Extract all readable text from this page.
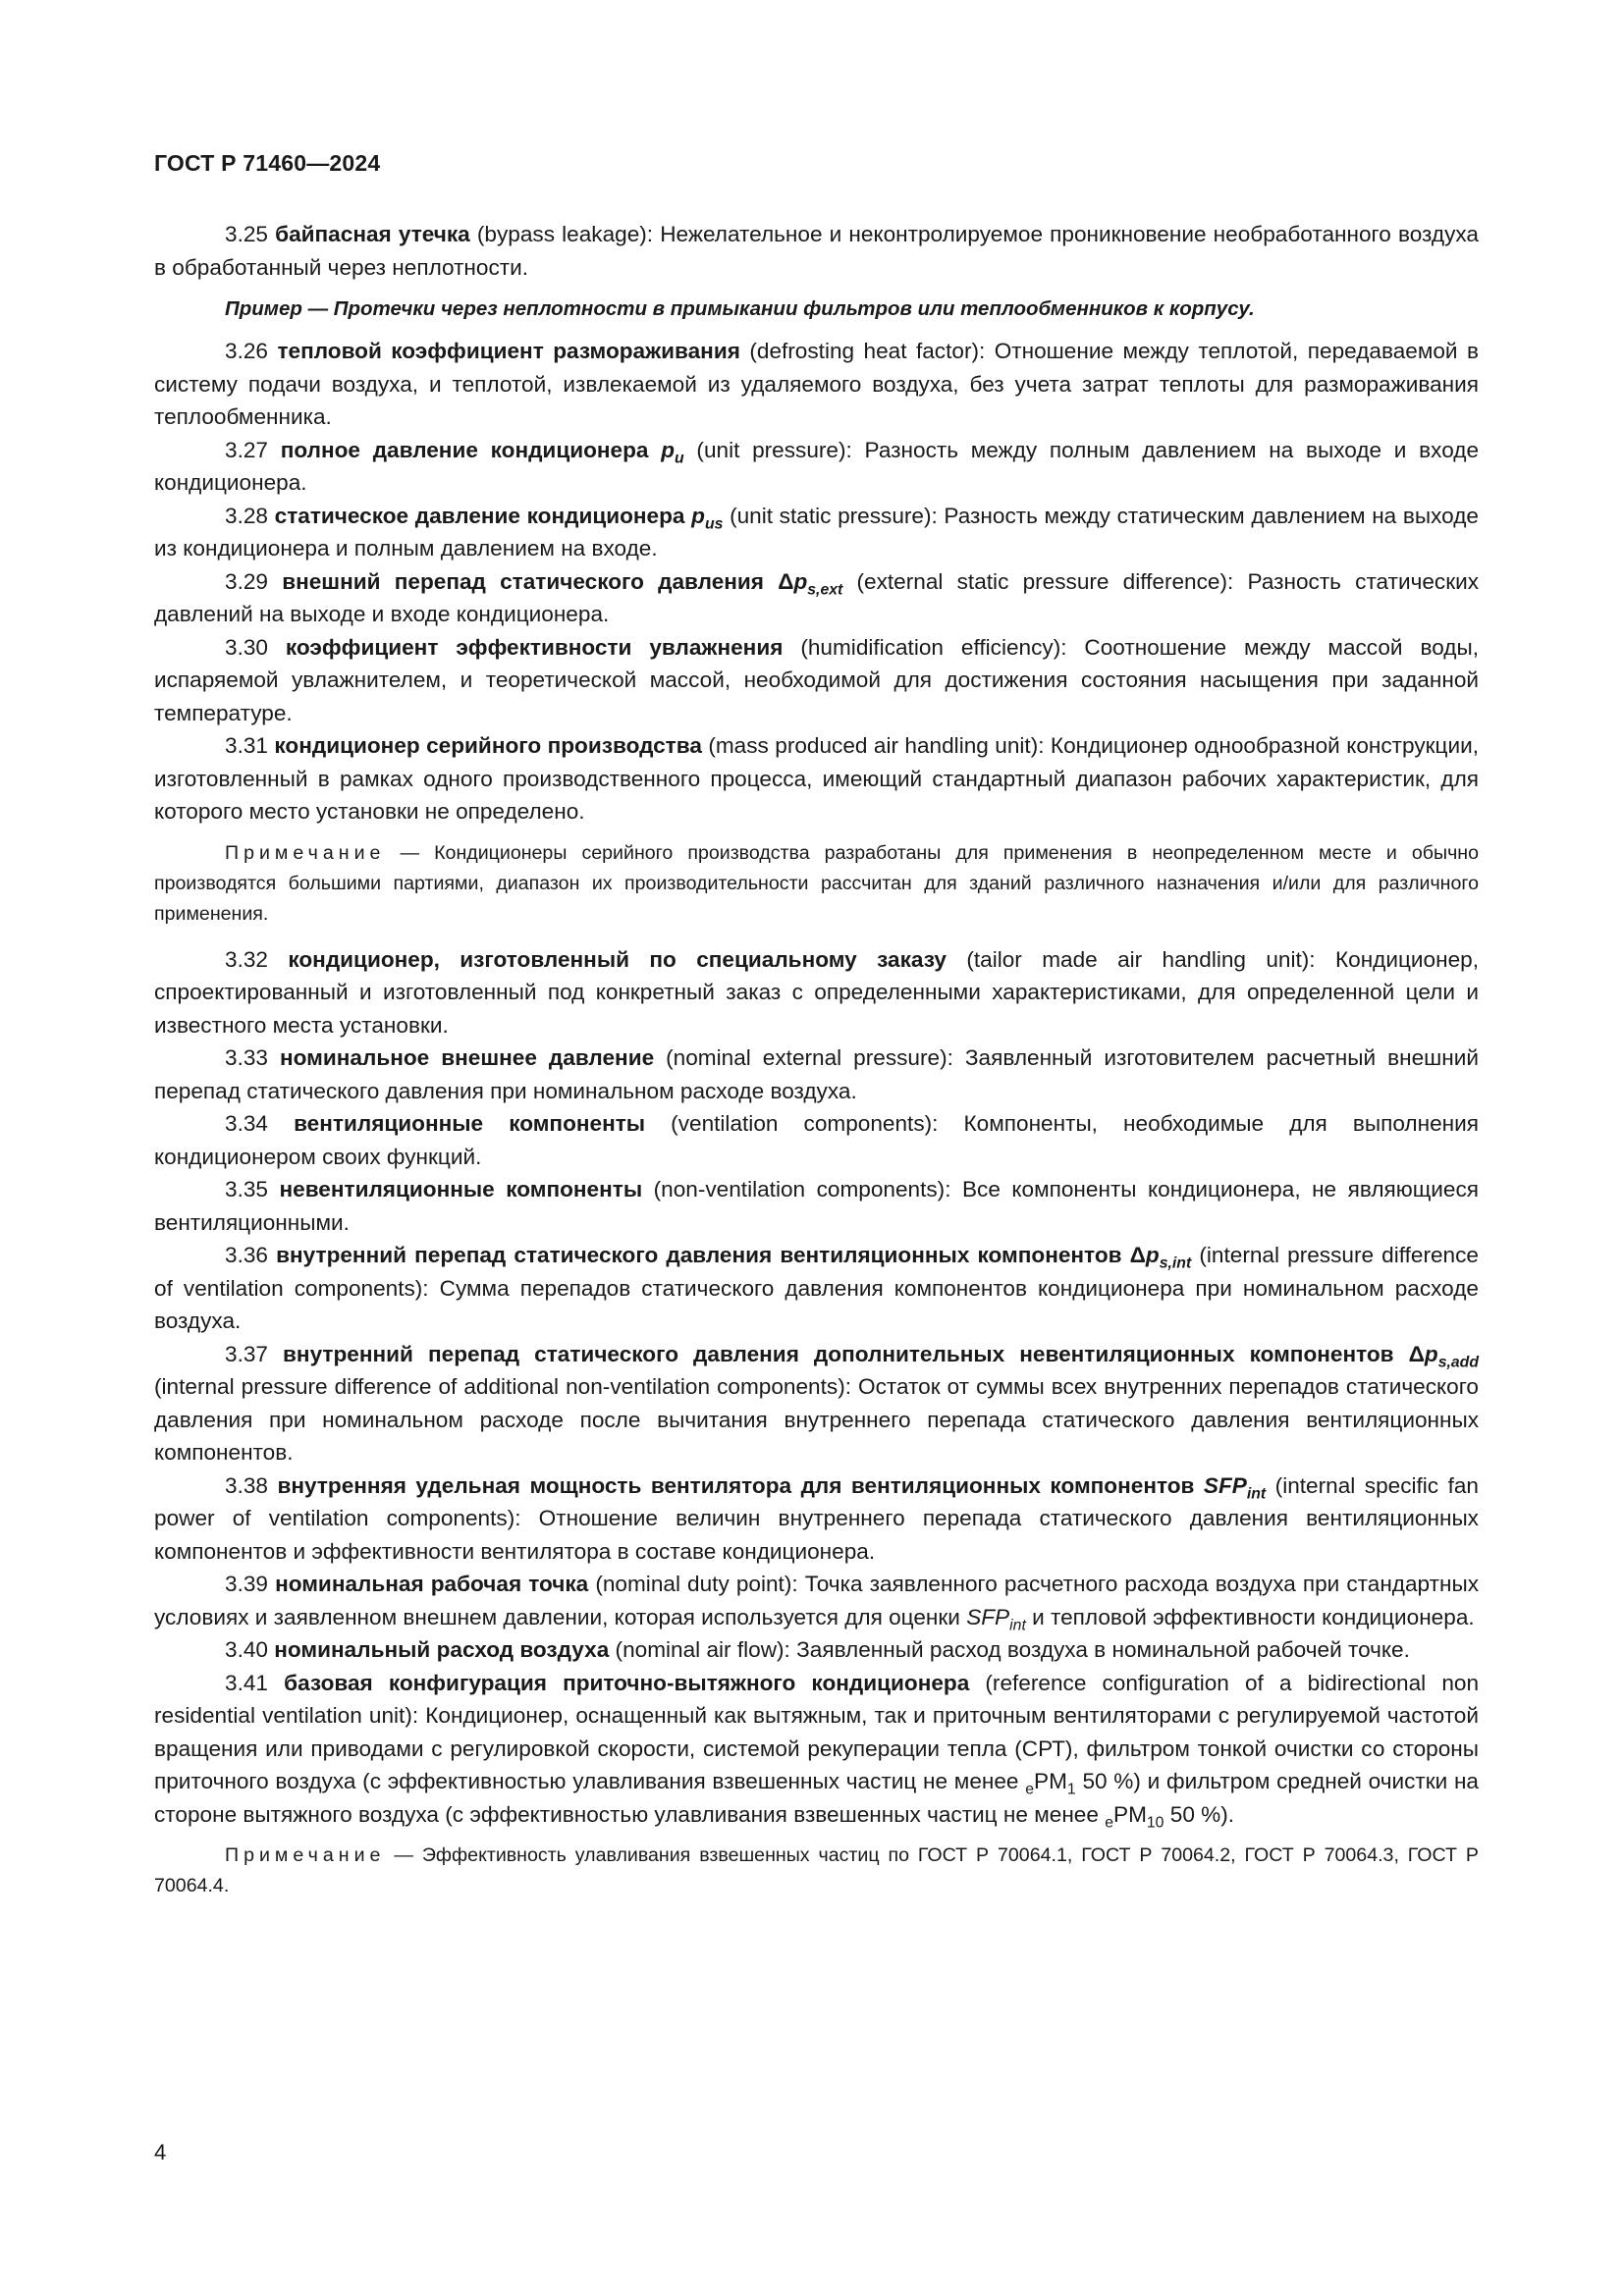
ГОСТ Р 71460—2024

3.25 байпасная утечка (bypass leakage): Нежелательное и неконтролируемое проникновение необработанного воздуха в обработанный через неплотности.

Пример — Протечки через неплотности в примыкании фильтров или теплообменников к корпусу.

3.26 тепловой коэффициент размораживания (defrosting heat factor): Отношение между теплотой, передаваемой в систему подачи воздуха, и теплотой, извлекаемой из удаляемого воздуха, без учета затрат теплоты для размораживания теплообменника.

3.27 полное давление кондиционера $p_u$ (unit pressure): Разность между полным давлением на выходе и входе кондиционера.

3.28 статическое давление кондиционера $p_{us}$ (unit static pressure): Разность между статическим давлением на выходе из кондиционера и полным давлением на входе.

3.29 внешний перепад статического давления $\Delta p_{s,ext}$ (external static pressure difference): Разность статических давлений на выходе и входе кондиционера.

3.30 коэффициент эффективности увлажнения (humidification efficiency): Соотношение между массой воды, испаряемой увлажнителем, и теоретической массой, необходимой для достижения состояния насыщения при заданной температуре.

3.31 кондиционер серийного производства (mass produced air handling unit): Кондиционер однообразной конструкции, изготовленный в рамках одного производственного процесса, имеющий стандартный диапазон рабочих характеристик, для которого место установки не определено.

Примечание — Кондиционеры серийного производства разработаны для применения в неопределенном месте и обычно производятся большими партиями, диапазон их производительности рассчитан для зданий различного назначения и/или для различного применения.

3.32 кондиционер, изготовленный по специальному заказу (tailor made air handling unit): Кондиционер, спроектированный и изготовленный под конкретный заказ с определенными характеристиками, для определенной цели и известного места установки.

3.33 номинальное внешнее давление (nominal external pressure): Заявленный изготовителем расчетный внешний перепад статического давления при номинальном расходе воздуха.

3.34 вентиляционные компоненты (ventilation components): Компоненты, необходимые для выполнения кондиционером своих функций.

3.35 невентиляционные компоненты (non-ventilation components): Все компоненты кондиционера, не являющиеся вентиляционными.

3.36 внутренний перепад статического давления вентиляционных компонентов $\Delta p_{s,int}$ (internal pressure difference of ventilation components): Сумма перепадов статического давления компонентов кондиционера при номинальном расходе воздуха.

3.37 внутренний перепад статического давления дополнительных невентиляционных компонентов $\Delta p_{s,add}$ (internal pressure difference of additional non-ventilation components): Остаток от суммы всех внутренних перепадов статического давления при номинальном расходе после вычитания внутреннего перепада статического давления вентиляционных компонентов.

3.38 внутренняя удельная мощность вентилятора для вентиляционных компонентов $SFP_{int}$ (internal specific fan power of ventilation components): Отношение величин внутреннего перепада статического давления вентиляционных компонентов и эффективности вентилятора в составе кондиционера.

3.39 номинальная рабочая точка (nominal duty point): Точка заявленного расчетного расхода воздуха при стандартных условиях и заявленном внешнем давлении, которая используется для оценки $SFP_{int}$ и тепловой эффективности кондиционера.

3.40 номинальный расход воздуха (nominal air flow): Заявленный расход воздуха в номинальной рабочей точке.

3.41 базовая конфигурация приточно-вытяжного кондиционера (reference configuration of a bidirectional non residential ventilation unit): Кондиционер, оснащенный как вытяжным, так и приточным вентиляторами с регулируемой частотой вращения или приводами с регулировкой скорости, системой рекуперации тепла (СРТ), фильтром тонкой очистки со стороны приточного воздуха (с эффективностью улавливания взвешенных частиц не менее $_ePM_1$ 50 %) и фильтром средней очистки на стороне вытяжного воздуха (с эффективностью улавливания взвешенных частиц не менее $_ePM_{10}$ 50 %).

Примечание — Эффективность улавливания взвешенных частиц по ГОСТ Р 70064.1, ГОСТ Р 70064.2, ГОСТ Р 70064.3, ГОСТ Р 70064.4.

4
